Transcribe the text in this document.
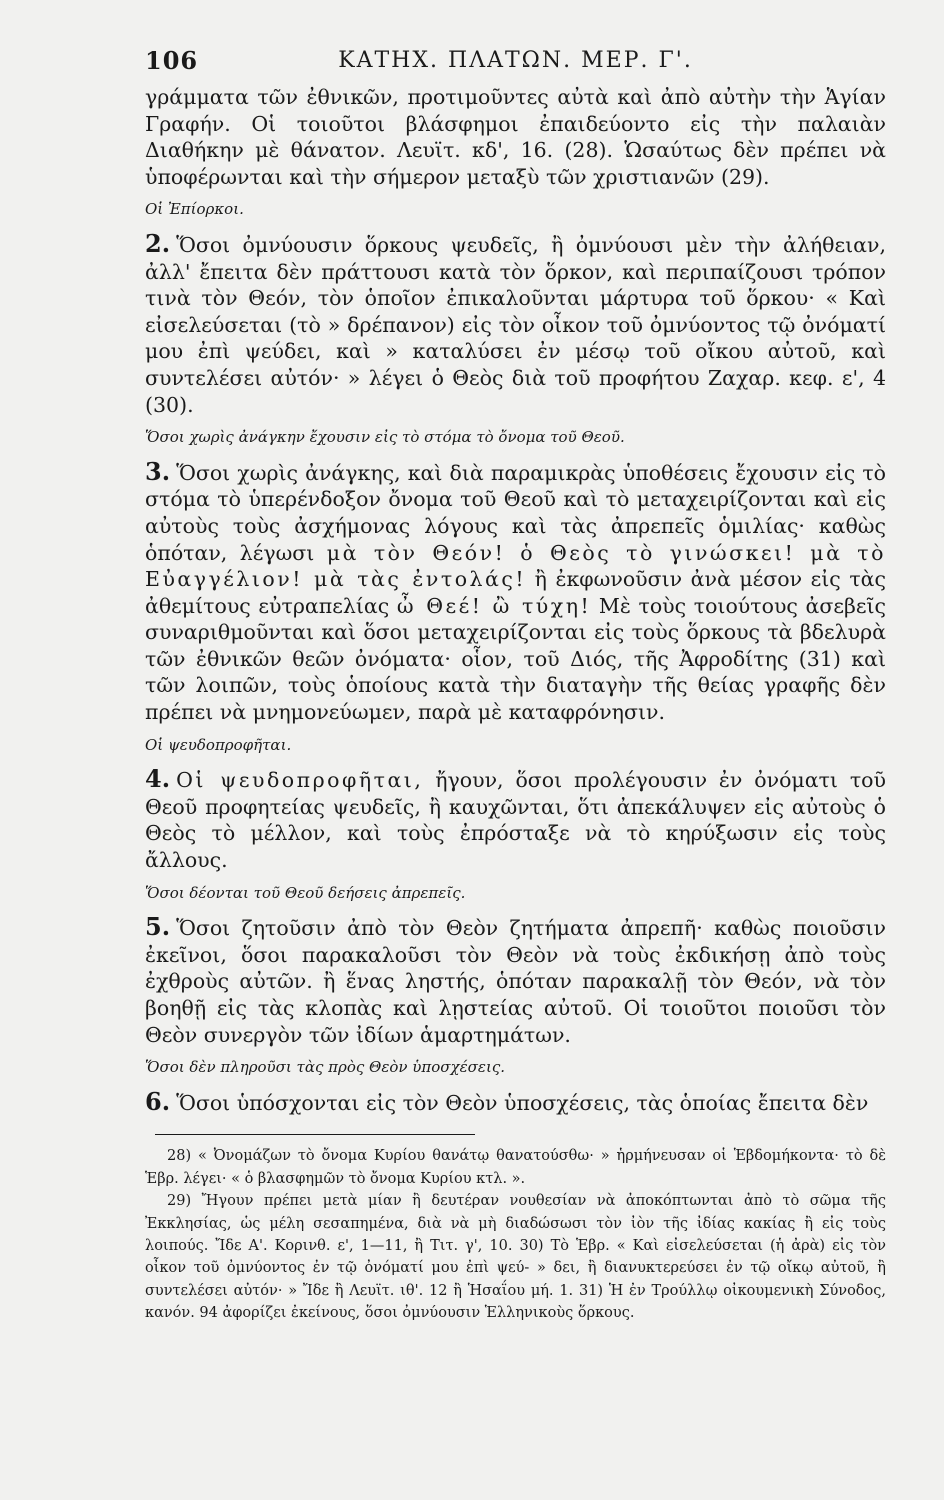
106	ΚΑΤΗΧ. ΠΛΑΤΩΝ. ΜΕΡ. Γ'.

γράμματα τῶν ἐθνικῶν, προτιμοῦντες αὐτὰ καὶ ἀπὸ αὐτὴν τὴν Ἁγίαν Γραφήν. Οἱ τοιοῦτοι βλάσφημοι ἐπαιδεύοντο εἰς τὴν παλαιὰν Διαθήκην μὲ θάνατον. Λευϊτ. κδ', 16. (28). Ὡσαύτως δὲν πρέπει νὰ ὑποφέρωνται καὶ τὴν σήμερον μεταξὺ τῶν χριστιανῶν (29).

Οἱ Ἐπίορκοι.

2. Ὅσοι ὀμνύουσιν ὅρκους ψευδεῖς, ἢ ὀμνύουσι μὲν τὴν ἀλήθειαν, ἀλλ' ἔπειτα δὲν πράττουσι κατὰ τὸν ὅρκον, καὶ περιπαίζουσι τρόπον τινὰ τὸν Θεόν, τὸν ὁποῖον ἐπικαλοῦνται μάρτυρα τοῦ ὅρκου· « Καὶ εἰσελεύσεται (τὸ » δρέπανον) εἰς τὸν οἶκον τοῦ ὀμνύοντος τῷ ὀνόματί μου ἐπὶ ψεύδει, καὶ » καταλύσει ἐν μέσῳ τοῦ οἴκου αὐτοῦ, καὶ συντελέσει αὐτόν· » λέγει ὁ Θεὸς διὰ τοῦ προφήτου Ζαχαρ. κεφ. ε', 4 (30).

Ὅσοι χωρὶς ἀνάγκην ἔχουσιν εἰς τὸ στόμα τὸ ὄνομα τοῦ Θεοῦ.

3. Ὅσοι χωρὶς ἀνάγκης, καὶ διὰ παραμικρὰς ὑποθέσεις ἔχουσιν εἰς τὸ στόμα τὸ ὑπερένδοξον ὄνομα τοῦ Θεοῦ καὶ τὸ μεταχειρίζονται καὶ εἰς αὐτοὺς τοὺς ἀσχήμονας λόγους καὶ τὰς ἀπρεπεῖς ὁμιλίας· καθὼς ὁπόταν, λέγωσι μὰ τὸν Θεόν! ὁ Θεὸς τὸ γινώσκει! μὰ τὸ Εὐαγγέλιον! μὰ τὰς ἐντολάς! ἢ ἐκφωνοῦσιν ἀνὰ μέσον εἰς τὰς ἀθεμίτους εὐτραπελίας ὦ Θεέ! ὢ τύχη! Μὲ τοὺς τοιούτους ἀσεβεῖς συναριθμοῦνται καὶ ὅσοι μεταχειρίζονται εἰς τοὺς ὅρκους τὰ βδελυρὰ τῶν ἐθνικῶν θεῶν ὀνόματα· οἷον, τοῦ Διός, τῆς Ἀφροδίτης (31) καὶ τῶν λοιπῶν, τοὺς ὁποίους κατὰ τὴν διαταγὴν τῆς θείας γραφῆς δὲν πρέπει νὰ μνημονεύωμεν, παρὰ μὲ καταφρόνησιν.

Οἱ ψευδοπροφῆται.

4. Οἱ ψευδοπροφῆται, ἤγουν, ὅσοι προλέγουσιν ἐν ὀνόματι τοῦ Θεοῦ προφητείας ψευδεῖς, ἢ καυχῶνται, ὅτι ἀπεκάλυψεν εἰς αὐτοὺς ὁ Θεὸς τὸ μέλλον, καὶ τοὺς ἐπρόσταξε νὰ τὸ κηρύξωσιν εἰς τοὺς ἄλλους.

Ὅσοι δέονται τοῦ Θεοῦ δεήσεις ἀπρεπεῖς.

5. Ὅσοι ζητοῦσιν ἀπὸ τὸν Θεὸν ζητήματα ἀπρεπῆ· καθὼς ποιοῦσιν ἐκεῖνοι, ὅσοι παρακαλοῦσι τὸν Θεὸν νὰ τοὺς ἐκδικήσῃ ἀπὸ τοὺς ἐχθροὺς αὐτῶν. ἢ ἕνας ληστής, ὁπόταν παρακαλῇ τὸν Θεόν, νὰ τὸν βοηθῇ εἰς τὰς κλοπὰς καὶ λῃστείας αὐτοῦ. Οἱ τοιοῦτοι ποιοῦσι τὸν Θεὸν συνεργὸν τῶν ἰδίων ἁμαρτημάτων.

Ὅσοι δὲν πληροῦσι τὰς πρὸς Θεὸν ὑποσχέσεις.

6. Ὅσοι ὑπόσχονται εἰς τὸν Θεὸν ὑποσχέσεις, τὰς ὁποίας ἔπειτα δὲν

28) « Ὀνομάζων τὸ ὄνομα Κυρίου θανάτῳ θανατούσθω· » ἡρμήνευσαν οἱ Ἑβδομήκοντα· τὸ δὲ Ἑβρ. λέγει· « ὁ βλασφημῶν τὸ ὄνομα Κυρίου κτλ. ».

29) Ἤγουν πρέπει μετὰ μίαν ἢ δευτέραν νουθεσίαν νὰ ἀποκόπτωνται ἀπὸ τὸ σῶμα τῆς Ἐκκλησίας, ὡς μέλη σεσαπημένα, διὰ νὰ μὴ διαδώσωσι τὸν ἰὸν τῆς ἰδίας κακίας ἢ εἰς τοὺς λοιπούς. Ἴδε Α'. Κορινθ. ε', 1—11, ἢ Τιτ. γ', 10. 30) Τὸ Ἑβρ. « Καὶ εἰσελεύσεται (ἡ ἀρὰ) εἰς τὸν οἶκον τοῦ ὀμνύοντος ἐν τῷ ὀνόματί μου ἐπὶ ψεύ- » δει, ἢ διανυκτερεύσει ἐν τῷ οἴκῳ αὐτοῦ, ἢ συντελέσει αὐτόν· » Ἴδε ἢ Λευϊτ. ιθ'. 12 ἢ Ἡσαΐου μή. 1. 31) Ἡ ἐν Τρούλλῳ οἰκουμενικὴ Σύνοδος, κανόν. 94 ἀφορίζει ἐκείνους, ὅσοι ὀμνύουσιν Ἑλληνικοὺς ὅρκους.
